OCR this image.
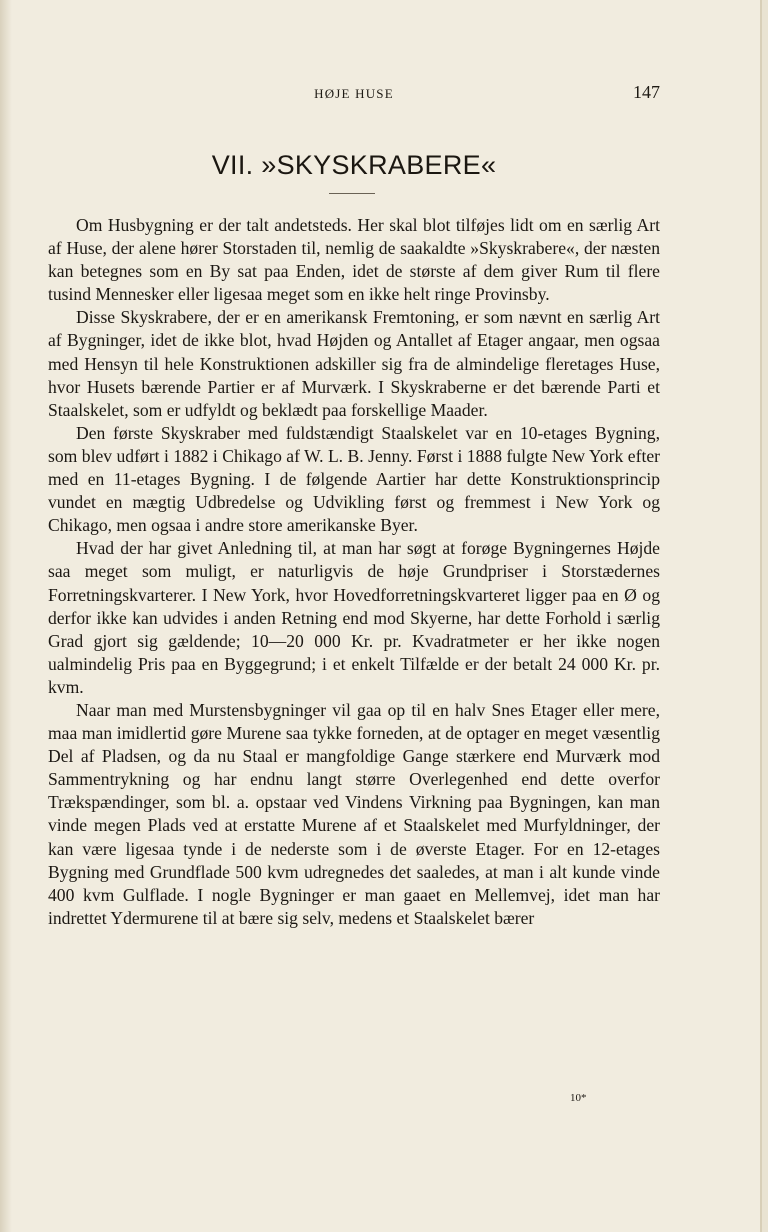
HØJE HUSE	147
VII. »SKYSKRABERE«

Om Husbygning er der talt andetsteds. Her skal blot tilføjes lidt om en særlig Art af Huse, der alene hører Storstaden til, nemlig de saakaldte »Skyskrabere«, der næsten kan betegnes som en By sat paa Enden, idet de største af dem giver Rum til flere tusind Mennesker eller ligesaa meget som en ikke helt ringe Provinsby.

Disse Skyskrabere, der er en amerikansk Fremtoning, er som nævnt en særlig Art af Bygninger, idet de ikke blot, hvad Højden og Antallet af Etager angaar, men ogsaa med Hensyn til hele Konstruktionen adskiller sig fra de almindelige fleretages Huse, hvor Husets bærende Partier er af Murværk. I Skyskraberne er det bærende Parti et Staalskelet, som er udfyldt og beklædt paa forskellige Maader.

Den første Skyskraber med fuldstændigt Staalskelet var en 10-etages Bygning, som blev udført i 1882 i Chikago af W. L. B. Jenny. Først i 1888 fulgte New York efter med en 11-etages Bygning. I de følgende Aartier har dette Konstruktionsprincip vundet en mægtig Udbredelse og Udvikling først og fremmest i New York og Chikago, men ogsaa i andre store amerikanske Byer.

Hvad der har givet Anledning til, at man har søgt at forøge Bygningernes Højde saa meget som muligt, er naturligvis de høje Grundpriser i Storstædernes Forretningskvarterer. I New York, hvor Hovedforretningskvarteret ligger paa en Ø og derfor ikke kan udvides i anden Retning end mod Skyerne, har dette Forhold i særlig Grad gjort sig gældende; 10—20 000 Kr. pr. Kvadratmeter er her ikke nogen ualmindelig Pris paa en Byggegrund; i et enkelt Tilfælde er der betalt 24 000 Kr. pr. kvm.

Naar man med Murstensbygninger vil gaa op til en halv Snes Etager eller mere, maa man imidlertid gøre Murene saa tykke forneden, at de optager en meget væsentlig Del af Pladsen, og da nu Staal er mangfoldige Gange stærkere end Murværk mod Sammentrykning og har endnu langt større Overlegenhed end dette overfor Trækspændinger, som bl. a. opstaar ved Vindens Virkning paa Bygningen, kan man vinde megen Plads ved at erstatte Murene af et Staalskelet med Murfyldninger, der kan være ligesaa tynde i de nederste som i de øverste Etager. For en 12-etages Bygning med Grundflade 500 kvm udregnedes det saaledes, at man i alt kunde vinde 400 kvm Gulflade. I nogle Bygninger er man gaaet en Mellemvej, idet man har indrettet Ydermurene til at bære sig selv, medens et Staalskelet bærer

10*
